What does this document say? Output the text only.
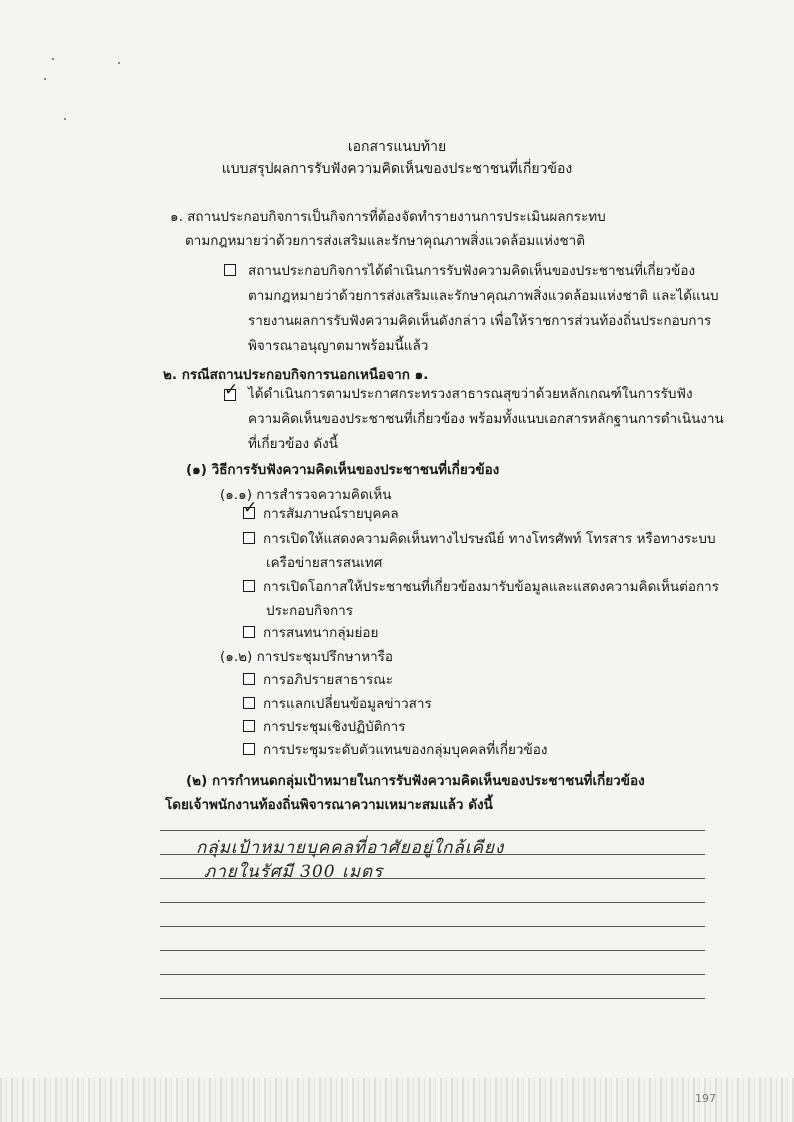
เอกสารแนบท้าย
แบบสรุปผลการรับฟังความคิดเห็นของประชาชนที่เกี่ยวข้อง
๑. สถานประกอบกิจการเป็นกิจการที่ต้องจัดทำรายงานการประเมินผลกระทบ
ตามกฎหมายว่าด้วยการส่งเสริมและรักษาคุณภาพสิ่งแวดล้อมแห่งชาติ
สถานประกอบกิจการได้ดำเนินการรับฟังความคิดเห็นของประชาชนที่เกี่ยวข้อง
ตามกฎหมายว่าด้วยการส่งเสริมและรักษาคุณภาพสิ่งแวดล้อมแห่งชาติ และได้แนบ
รายงานผลการรับฟังความคิดเห็นดังกล่าว เพื่อให้ราชการส่วนท้องถิ่นประกอบการ
พิจารณาอนุญาตมาพร้อมนี้แล้ว
๒. กรณีสถานประกอบกิจการนอกเหนือจาก ๑.
✓ ได้ดำเนินการตามประกาศกระทรวงสาธารณสุขว่าด้วยหลักเกณฑ์ในการรับฟัง
ความคิดเห็นของประชาชนที่เกี่ยวข้อง พร้อมทั้งแนบเอกสารหลักฐานการดำเนินงาน
ที่เกี่ยวข้อง ดังนี้
(๑) วิธีการรับฟังความคิดเห็นของประชาชนที่เกี่ยวข้อง
(๑.๑) การสำรวจความคิดเห็น
✓ การสัมภาษณ์รายบุคคล
การเปิดให้แสดงความคิดเห็นทางไปรษณีย์ ทางโทรศัพท์ โทรสาร หรือทางระบบ
เครือข่ายสารสนเทศ
การเปิดโอกาสให้ประชาชนที่เกี่ยวข้องมารับข้อมูลและแสดงความคิดเห็นต่อการ
ประกอบกิจการ
การสนทนากลุ่มย่อย
(๑.๒) การประชุมปรึกษาหารือ
การอภิปรายสาธารณะ
การแลกเปลี่ยนข้อมูลข่าวสาร
การประชุมเชิงปฏิบัติการ
การประชุมระดับตัวแทนของกลุ่มบุคคลที่เกี่ยวข้อง
(๒) การกำหนดกลุ่มเป้าหมายในการรับฟังความคิดเห็นของประชาชนที่เกี่ยวข้อง
โดยเจ้าพนักงานท้องถิ่นพิจารณาความเหมาะสมแล้ว ดังนี้
กลุ่มเป้าหมายบุคคลที่อาศัยอยู่ใกล้เคียง
ภายในรัศมี 300 เมตร
197
